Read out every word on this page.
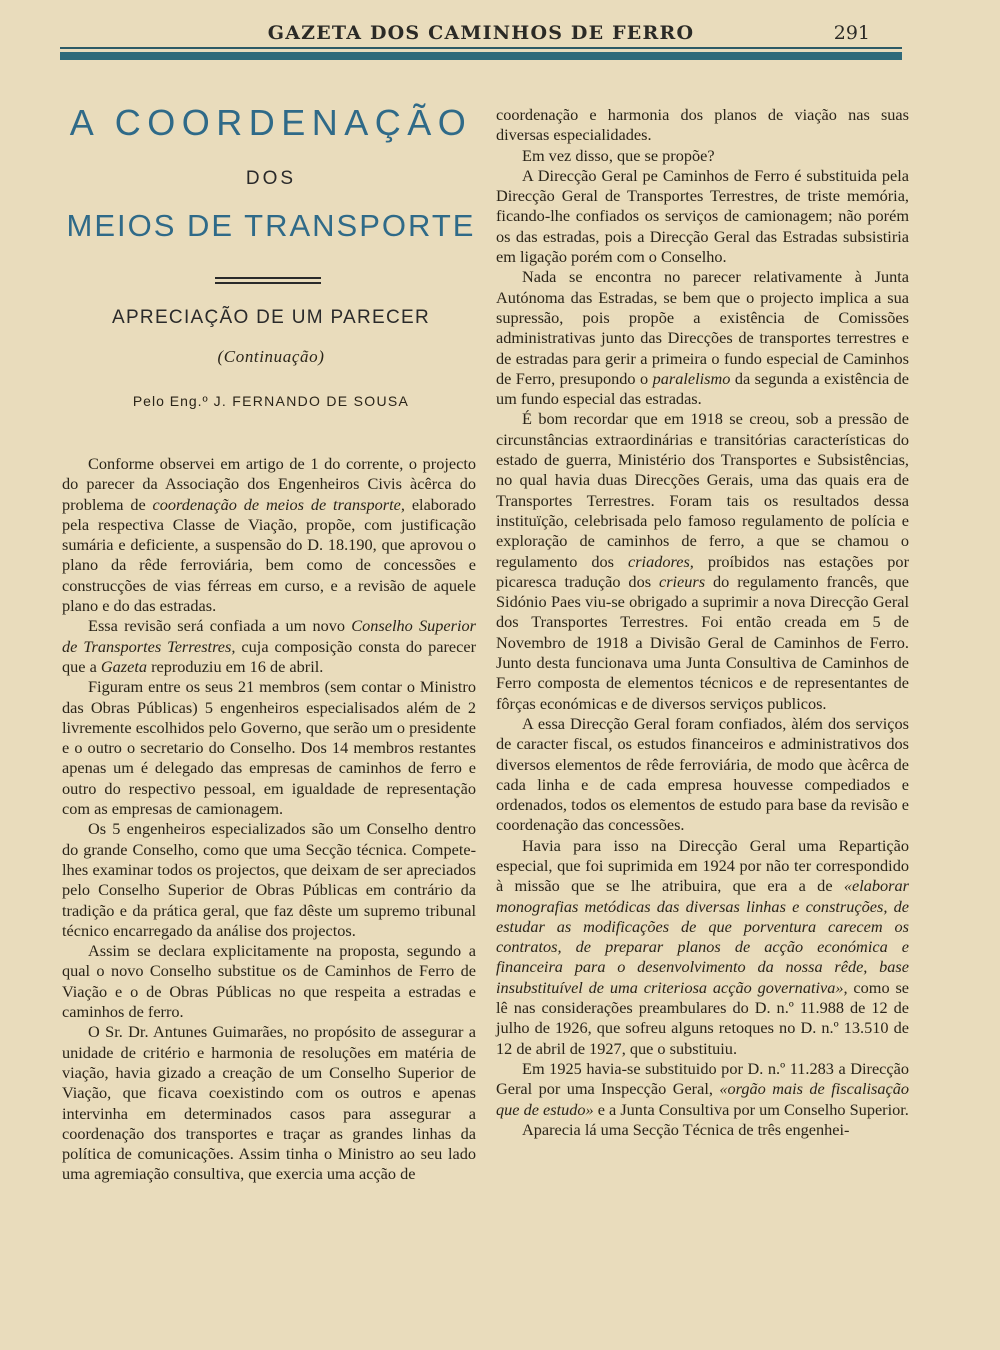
GAZETA DOS CAMINHOS DE FERRO	291
A COORDENAÇÃO
DOS
MEIOS DE TRANSPORTE
APRECIAÇÃO DE UM PARECER
(Continuação)
Pelo Eng.º J. FERNANDO DE SOUSA

Conforme observei em artigo de 1 do corrente, o projecto do parecer da Associação dos Engenheiros Civis àcêrca do problema de coordenação de meios de transporte, elaborado pela respectiva Classe de Viação, propõe, com justificação sumária e deficiente, a suspensão do D. 18.190, que aprovou o plano da rêde ferroviária, bem como de concessões e construcções de vias férreas em curso, e a revisão de aquele plano e do das estradas.

Essa revisão será confiada a um novo Conselho Superior de Transportes Terrestres, cuja composição consta do parecer que a Gazeta reproduziu em 16 de abril.

Figuram entre os seus 21 membros (sem contar o Ministro das Obras Públicas) 5 engenheiros especialisados além de 2 livremente escolhidos pelo Governo, que serão um o presidente e o outro o secretario do Conselho. Dos 14 membros restantes apenas um é delegado das empresas de caminhos de ferro e outro do respectivo pessoal, em igualdade de representação com as empresas de camionagem.

Os 5 engenheiros especializados são um Conselho dentro do grande Conselho, como que uma Secção técnica. Compete-lhes examinar todos os projectos, que deixam de ser apreciados pelo Conselho Superior de Obras Públicas em contrário da tradição e da prática geral, que faz dêste um supremo tribunal técnico encarregado da análise dos projectos.

Assim se declara explicitamente na proposta, segundo a qual o novo Conselho substitue os de Caminhos de Ferro de Viação e o de Obras Públicas no que respeita a estradas e caminhos de ferro.

O Sr. Dr. Antunes Guimarães, no propósito de assegurar a unidade de critério e harmonia de resoluções em matéria de viação, havia gizado a creação de um Conselho Superior de Viação, que ficava coexistindo com os outros e apenas intervinha em determinados casos para assegurar a coordenação dos transportes e traçar as grandes linhas da política de comunicações. Assim tinha o Ministro ao seu lado uma agremiação consultiva, que exercia uma acção de

coordenação e harmonia dos planos de viação nas suas diversas especialidades.

Em vez disso, que se propõe?

A Direcção Geral pe Caminhos de Ferro é substituida pela Direcção Geral de Transportes Terrestres, de triste memória, ficando-lhe confiados os serviços de camionagem; não porém os das estradas, pois a Direcção Geral das Estradas subsistiria em ligação porém com o Conselho.

Nada se encontra no parecer relativamente à Junta Autónoma das Estradas, se bem que o projecto implica a sua supressão, pois propõe a existência de Comissões administrativas junto das Direcções de transportes terrestres e de estradas para gerir a primeira o fundo especial de Caminhos de Ferro, presupondo o paralelismo da segunda a existência de um fundo especial das estradas.

É bom recordar que em 1918 se creou, sob a pressão de circunstâncias extraordinárias e transitórias características do estado de guerra, Ministério dos Transportes e Subsistências, no qual havia duas Direcções Gerais, uma das quais era de Transportes Terrestres. Foram tais os resultados dessa instituïção, celebrisada pelo famoso regulamento de polícia e exploração de caminhos de ferro, a que se chamou o regulamento dos criadores, proíbidos nas estações por picaresca tradução dos crieurs do regulamento francês, que Sidónio Paes viu-se obrigado a suprimir a nova Direcção Geral dos Transportes Terrestres. Foi então creada em 5 de Novembro de 1918 a Divisão Geral de Caminhos de Ferro. Junto desta funcionava uma Junta Consultiva de Caminhos de Ferro composta de elementos técnicos e de representantes de fôrças económicas e de diversos serviços publicos.

A essa Direcção Geral foram confiados, àlém dos serviços de caracter fiscal, os estudos financeiros e administrativos dos diversos elementos de rêde ferroviária, de modo que àcêrca de cada linha e de cada empresa houvesse compediados e ordenados, todos os elementos de estudo para base da revisão e coordenação das concessões.

Havia para isso na Direcção Geral uma Repartição especial, que foi suprimida em 1924 por não ter correspondido à missão que se lhe atribuira, que era a de «elaborar monografias metódicas das diversas linhas e construções, de estudar as modificações de que porventura carecem os contratos, de preparar planos de acção económica e financeira para o desenvolvimento da nossa rêde, base insubstituível de uma criteriosa acção governativa», como se lê nas considerações preambulares do D. n.º 11.988 de 12 de julho de 1926, que sofreu alguns retoques no D. n.º 13.510 de 12 de abril de 1927, que o substituiu.

Em 1925 havia-se substituido por D. n.º 11.283 a Direcção Geral por uma Inspecção Geral, «orgão mais de fiscalisação que de estudo» e a Junta Consultiva por um Conselho Superior.

Aparecia lá uma Secção Técnica de três engenhei-
